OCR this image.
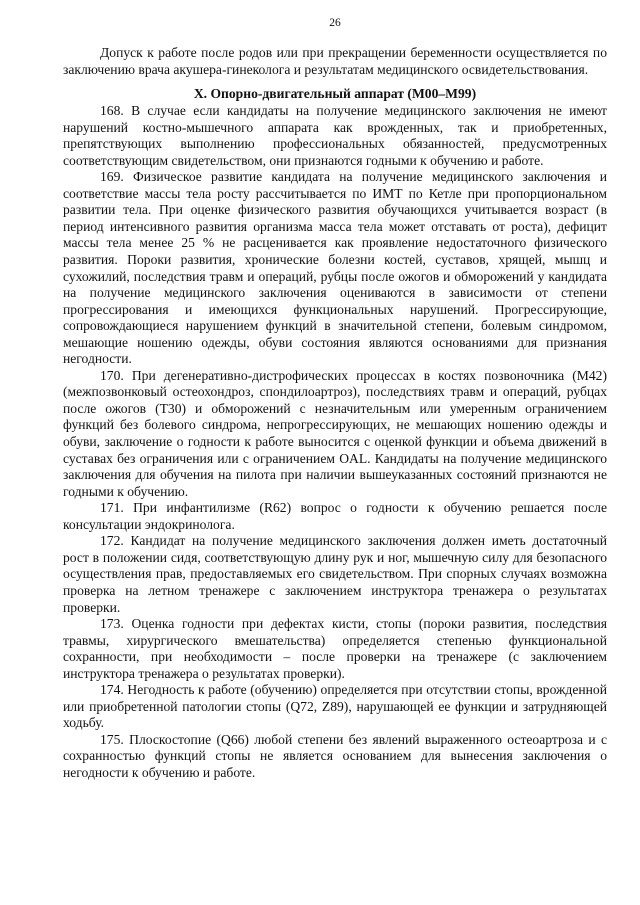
26

Допуск к работе после родов или при прекращении беременности осуществляется по заключению врача акушера-гинеколога и результатам медицинского освидетельствования.

X. Опорно-двигательный аппарат (M00–M99)

168. В случае если кандидаты на получение медицинского заключения не имеют нарушений костно-мышечного аппарата как врожденных, так и приобретенных, препятствующих выполнению профессиональных обязанностей, предусмотренных соответствующим свидетельством, они признаются годными к обучению и работе.

169. Физическое развитие кандидата на получение медицинского заключения и соответствие массы тела росту рассчитывается по ИМТ по Кетле при пропорциональном развитии тела. При оценке физического развития обучающихся учитывается возраст (в период интенсивного развития организма масса тела может отставать от роста), дефицит массы тела менее 25 % не расценивается как проявление недостаточного физического развития. Пороки развития, хронические болезни костей, суставов, хрящей, мышц и сухожилий, последствия травм и операций, рубцы после ожогов и обморожений у кандидата на получение медицинского заключения оцениваются в зависимости от степени прогрессирования и имеющихся функциональных нарушений. Прогрессирующие, сопровождающиеся нарушением функций в значительной степени, болевым синдромом, мешающие ношению одежды, обуви состояния являются основаниями для признания негодности.

170. При дегенеративно-дистрофических процессах в костях позвоночника (M42) (межпозвонковый остеохондроз, спондилоартроз), последствиях травм и операций, рубцах после ожогов (T30) и обморожений с незначительным или умеренным ограничением функций без болевого синдрома, непрогрессирующих, не мешающих ношению одежды и обуви, заключение о годности к работе выносится с оценкой функции и объема движений в суставах без ограничения или с ограничением OAL. Кандидаты на получение медицинского заключения для обучения на пилота при наличии вышеуказанных состояний признаются не годными к обучению.

171. При инфантилизме (R62) вопрос о годности к обучению решается после консультации эндокринолога.

172. Кандидат на получение медицинского заключения должен иметь достаточный рост в положении сидя, соответствующую длину рук и ног, мышечную силу для безопасного осуществления прав, предоставляемых его свидетельством. При спорных случаях возможна проверка на летном тренажере с заключением инструктора тренажера о результатах проверки.

173. Оценка годности при дефектах кисти, стопы (пороки развития, последствия травмы, хирургического вмешательства) определяется степенью функциональной сохранности, при необходимости – после проверки на тренажере (с заключением инструктора тренажера о результатах проверки).

174. Негодность к работе (обучению) определяется при отсутствии стопы, врожденной или приобретенной патологии стопы (Q72, Z89), нарушающей ее функции и затрудняющей ходьбу.

175. Плоскостопие (Q66) любой степени без явлений выраженного остеоартроза и с сохранностью функций стопы не является основанием для вынесения заключения о негодности к обучению и работе.
